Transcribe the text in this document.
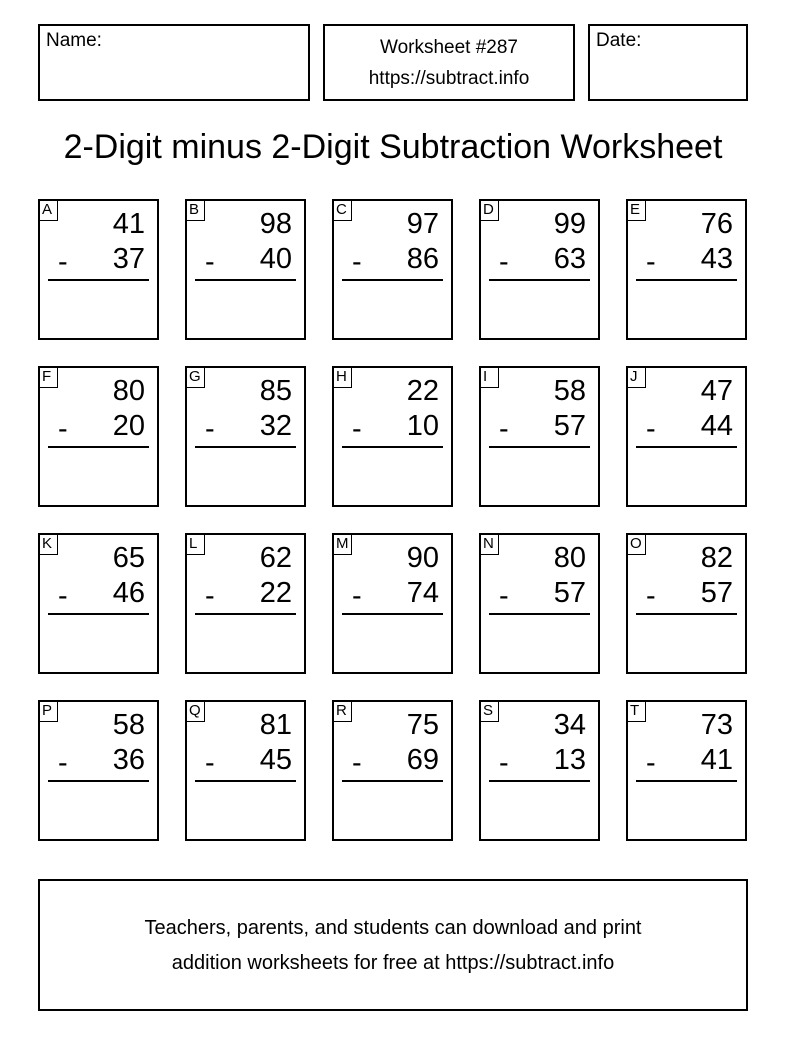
Name:	Worksheet #287
https://subtract.info
Date:
2-Digit minus 2-Digit Subtraction Worksheet
A 41
- 37
B 98
- 40
C 97
- 86
D 99
- 63
E 76
- 43
F 80
- 20
G 85
- 32
H 22
- 10
I	58
- 57
J 47
- 44
K 65
- 46
L 62
- 22
M 90
- 74
N 80
- 57
O 82
- 57
P 58
- 36
Q 81
- 45
R 75
- 69
S 34
- 13
T 73
- 41
Teachers, parents, and students can download and print
addition worksheets for free at https://subtract.info
